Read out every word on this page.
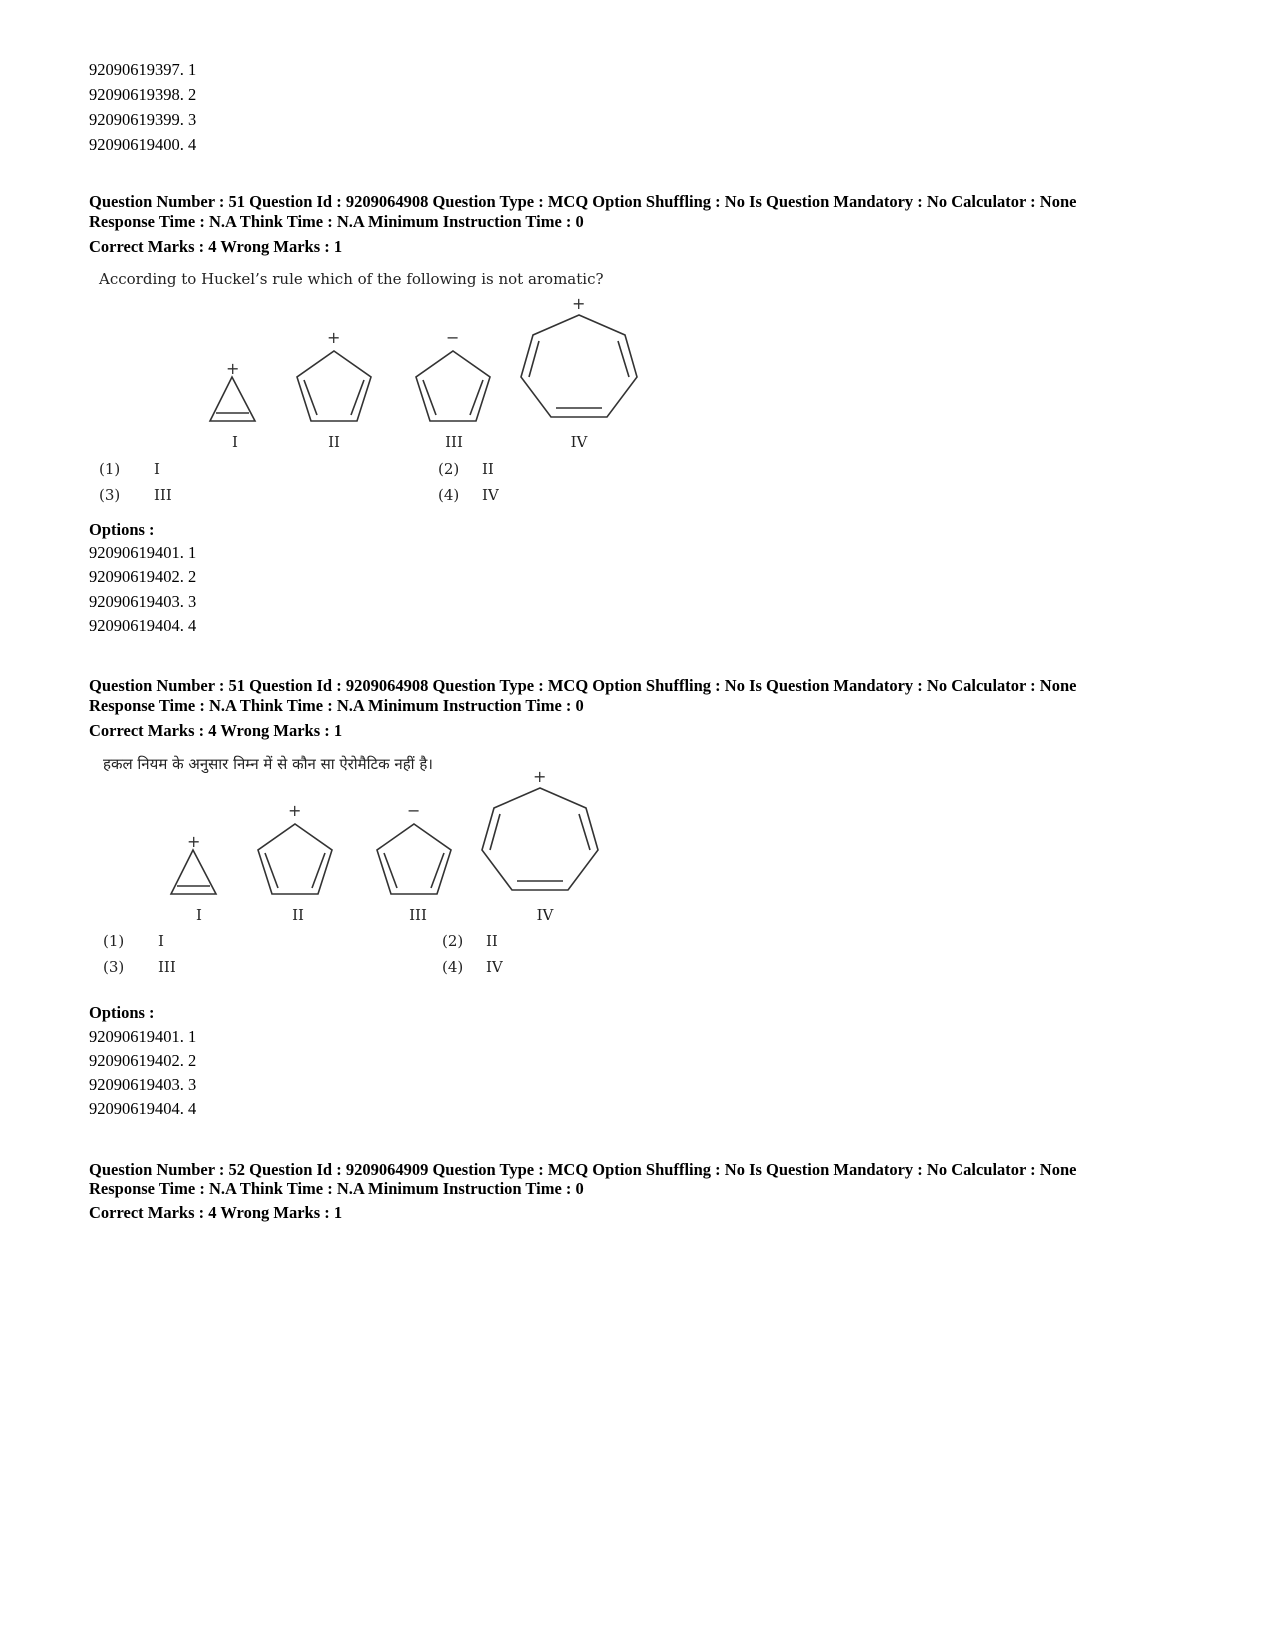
92090619397. 1
92090619398. 2
92090619399. 3
92090619400. 4
Question Number : 51 Question Id : 9209064908 Question Type : MCQ Option Shuffling : No Is Question Mandatory : No Calculator : None
Response Time : N.A Think Time : N.A Minimum Instruction Time : 0
Correct Marks : 4 Wrong Marks : 1
According to Huckel’s rule which of the following is not aromatic?
+
+	−
+
I	II	III	IV
(1) I	(2) II
(3) III	(4) IV
Options :
92090619401. 1
92090619402. 2
92090619403. 3
92090619404. 4
Question Number : 51 Question Id : 9209064908 Question Type : MCQ Option Shuffling : No Is Question Mandatory : No Calculator : None
Response Time : N.A Think Time : N.A Minimum Instruction Time : 0
Correct Marks : 4 Wrong Marks : 1
हकल नियम के अनुसार निम्न में से कौन सा ऐरोमैटिक नहीं है।
+
+	−
+
I	II	III	IV
(1) I	(2) II
(3) III	(4) IV
Options :
92090619401. 1
92090619402. 2
92090619403. 3
92090619404. 4
Question Number : 52 Question Id : 9209064909 Question Type : MCQ Option Shuffling : No Is Question Mandatory : No Calculator : None
Response Time : N.A Think Time : N.A Minimum Instruction Time : 0
Correct Marks : 4 Wrong Marks : 1
